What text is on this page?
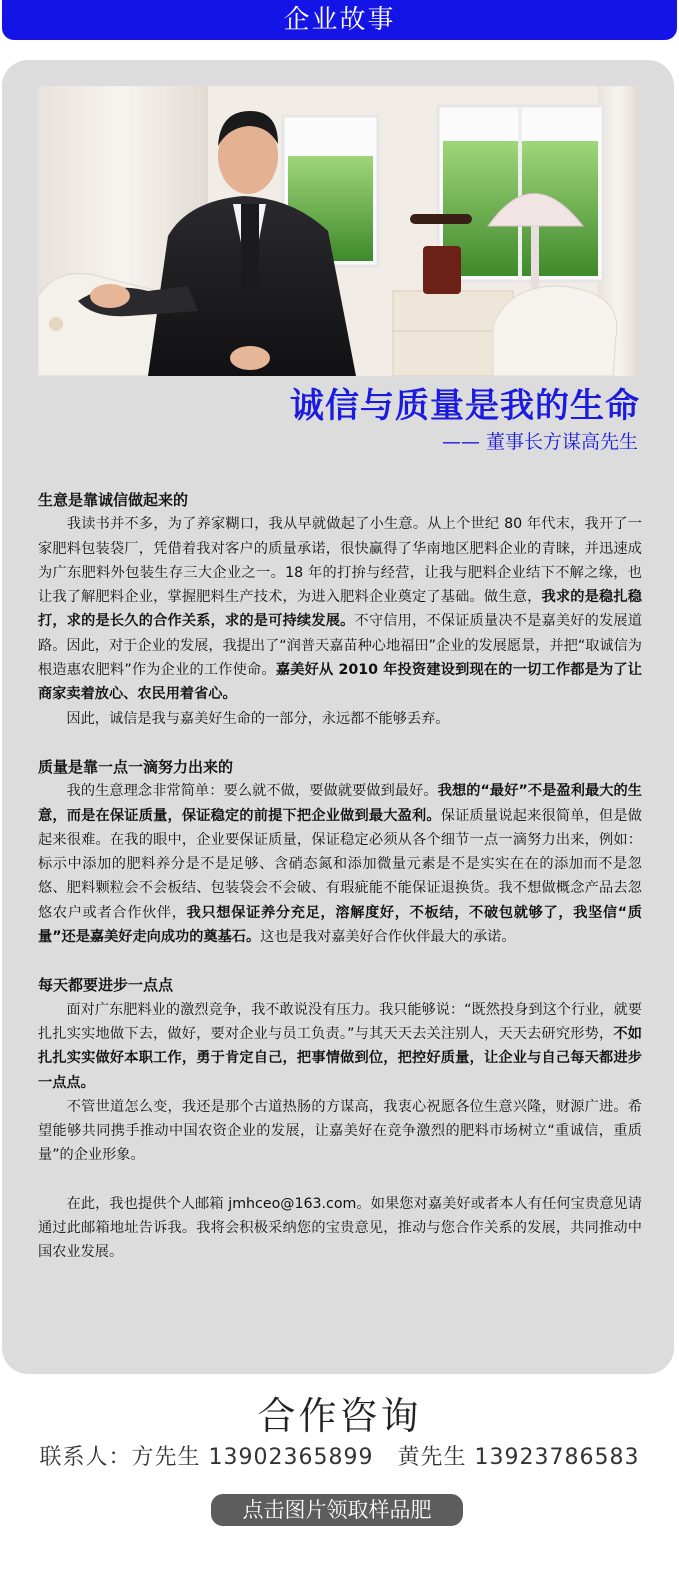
企业故事
诚信与质量是我的生命
—— 董事长方谋高先生
生意是靠诚信做起来的

　　我读书并不多，为了养家糊口，我从早就做起了小生意。从上个世纪 80 年代末，我开了一家肥料包装袋厂，凭借着我对客户的质量承诺，很快赢得了华南地区肥料企业的青睐，并迅速成为广东肥料外包装生存三大企业之一。18 年的打拚与经营，让我与肥料企业结下不解之缘，也让我了解肥料企业，掌握肥料生产技术，为进入肥料企业奠定了基础。做生意，我求的是稳扎稳打，求的是长久的合作关系，求的是可持续发展。不守信用，不保证质量决不是嘉美好的发展道路。因此，对于企业的发展，我提出了“润普天嘉苗种心地福田”企业的发展愿景，并把“取诚信为根造惠农肥料”作为企业的工作使命。嘉美好从 2010 年投资建设到现在的一切工作都是为了让商家卖着放心、农民用着省心。

　　因此，诚信是我与嘉美好生命的一部分，永远都不能够丢弃。

质量是靠一点一滴努力出来的

　　我的生意理念非常简单：要么就不做，要做就要做到最好。我想的“最好”不是盈利最大的生意，而是在保证质量，保证稳定的前提下把企业做到最大盈利。保证质量说起来很简单，但是做起来很难。在我的眼中，企业要保证质量，保证稳定必须从各个细节一点一滴努力出来，例如：标示中添加的肥料养分是不是足够、含硝态氮和添加微量元素是不是实实在在的添加而不是忽悠、肥料颗粒会不会板结、包装袋会不会破、有瑕疵能不能保证退换货。我不想做概念产品去忽悠农户或者合作伙伴，我只想保证养分充足，溶解度好，不板结，不破包就够了，我坚信“质量”还是嘉美好走向成功的奠基石。这也是我对嘉美好合作伙伴最大的承诺。

每天都要进步一点点

　　面对广东肥料业的激烈竞争，我不敢说没有压力。我只能够说：“既然投身到这个行业，就要扎扎实实地做下去，做好，要对企业与员工负责。”与其天天去关注别人，天天去研究形势，不如扎扎实实做好本职工作，勇于肯定自己，把事情做到位，把控好质量，让企业与自己每天都进步一点点。

　　不管世道怎么变，我还是那个古道热肠的方谋高，我衷心祝愿各位生意兴隆，财源广进。希望能够共同携手推动中国农资企业的发展，让嘉美好在竞争激烈的肥料市场树立“重诚信，重质量”的企业形象。

　　在此，我也提供个人邮箱 jmhceo@163.com。如果您对嘉美好或者本人有任何宝贵意见请通过此邮箱地址告诉我。我将会积极采纳您的宝贵意见，推动与您合作关系的发展，共同推动中国农业发展。

合作咨询
联系人：方先生 13902365899 黄先生 13923786583
点击图片领取样品肥
